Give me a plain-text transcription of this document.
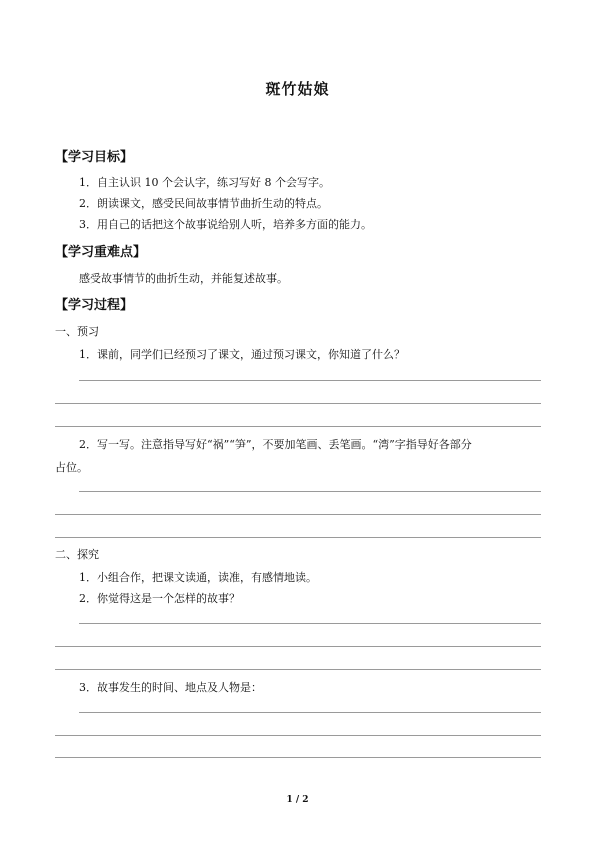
斑竹姑娘
【学习目标】
1．自主认识 10 个会认字，练习写好 8 个会写字。
2．朗读课文，感受民间故事情节曲折生动的特点。
3．用自己的话把这个故事说给别人听，培养多方面的能力。
【学习重难点】
感受故事情节的曲折生动，并能复述故事。
【学习过程】
一、预习
1．课前，同学们已经预习了课文，通过预习课文，你知道了什么？
2．写一写。注意指导写好“祸”“笋”，不要加笔画、丢笔画。“湾”字指导好各部分
占位。
二、探究
1．小组合作，把课文读通，读准，有感情地读。
2．你觉得这是一个怎样的故事？
3．故事发生的时间、地点及人物是：
1 / 2
